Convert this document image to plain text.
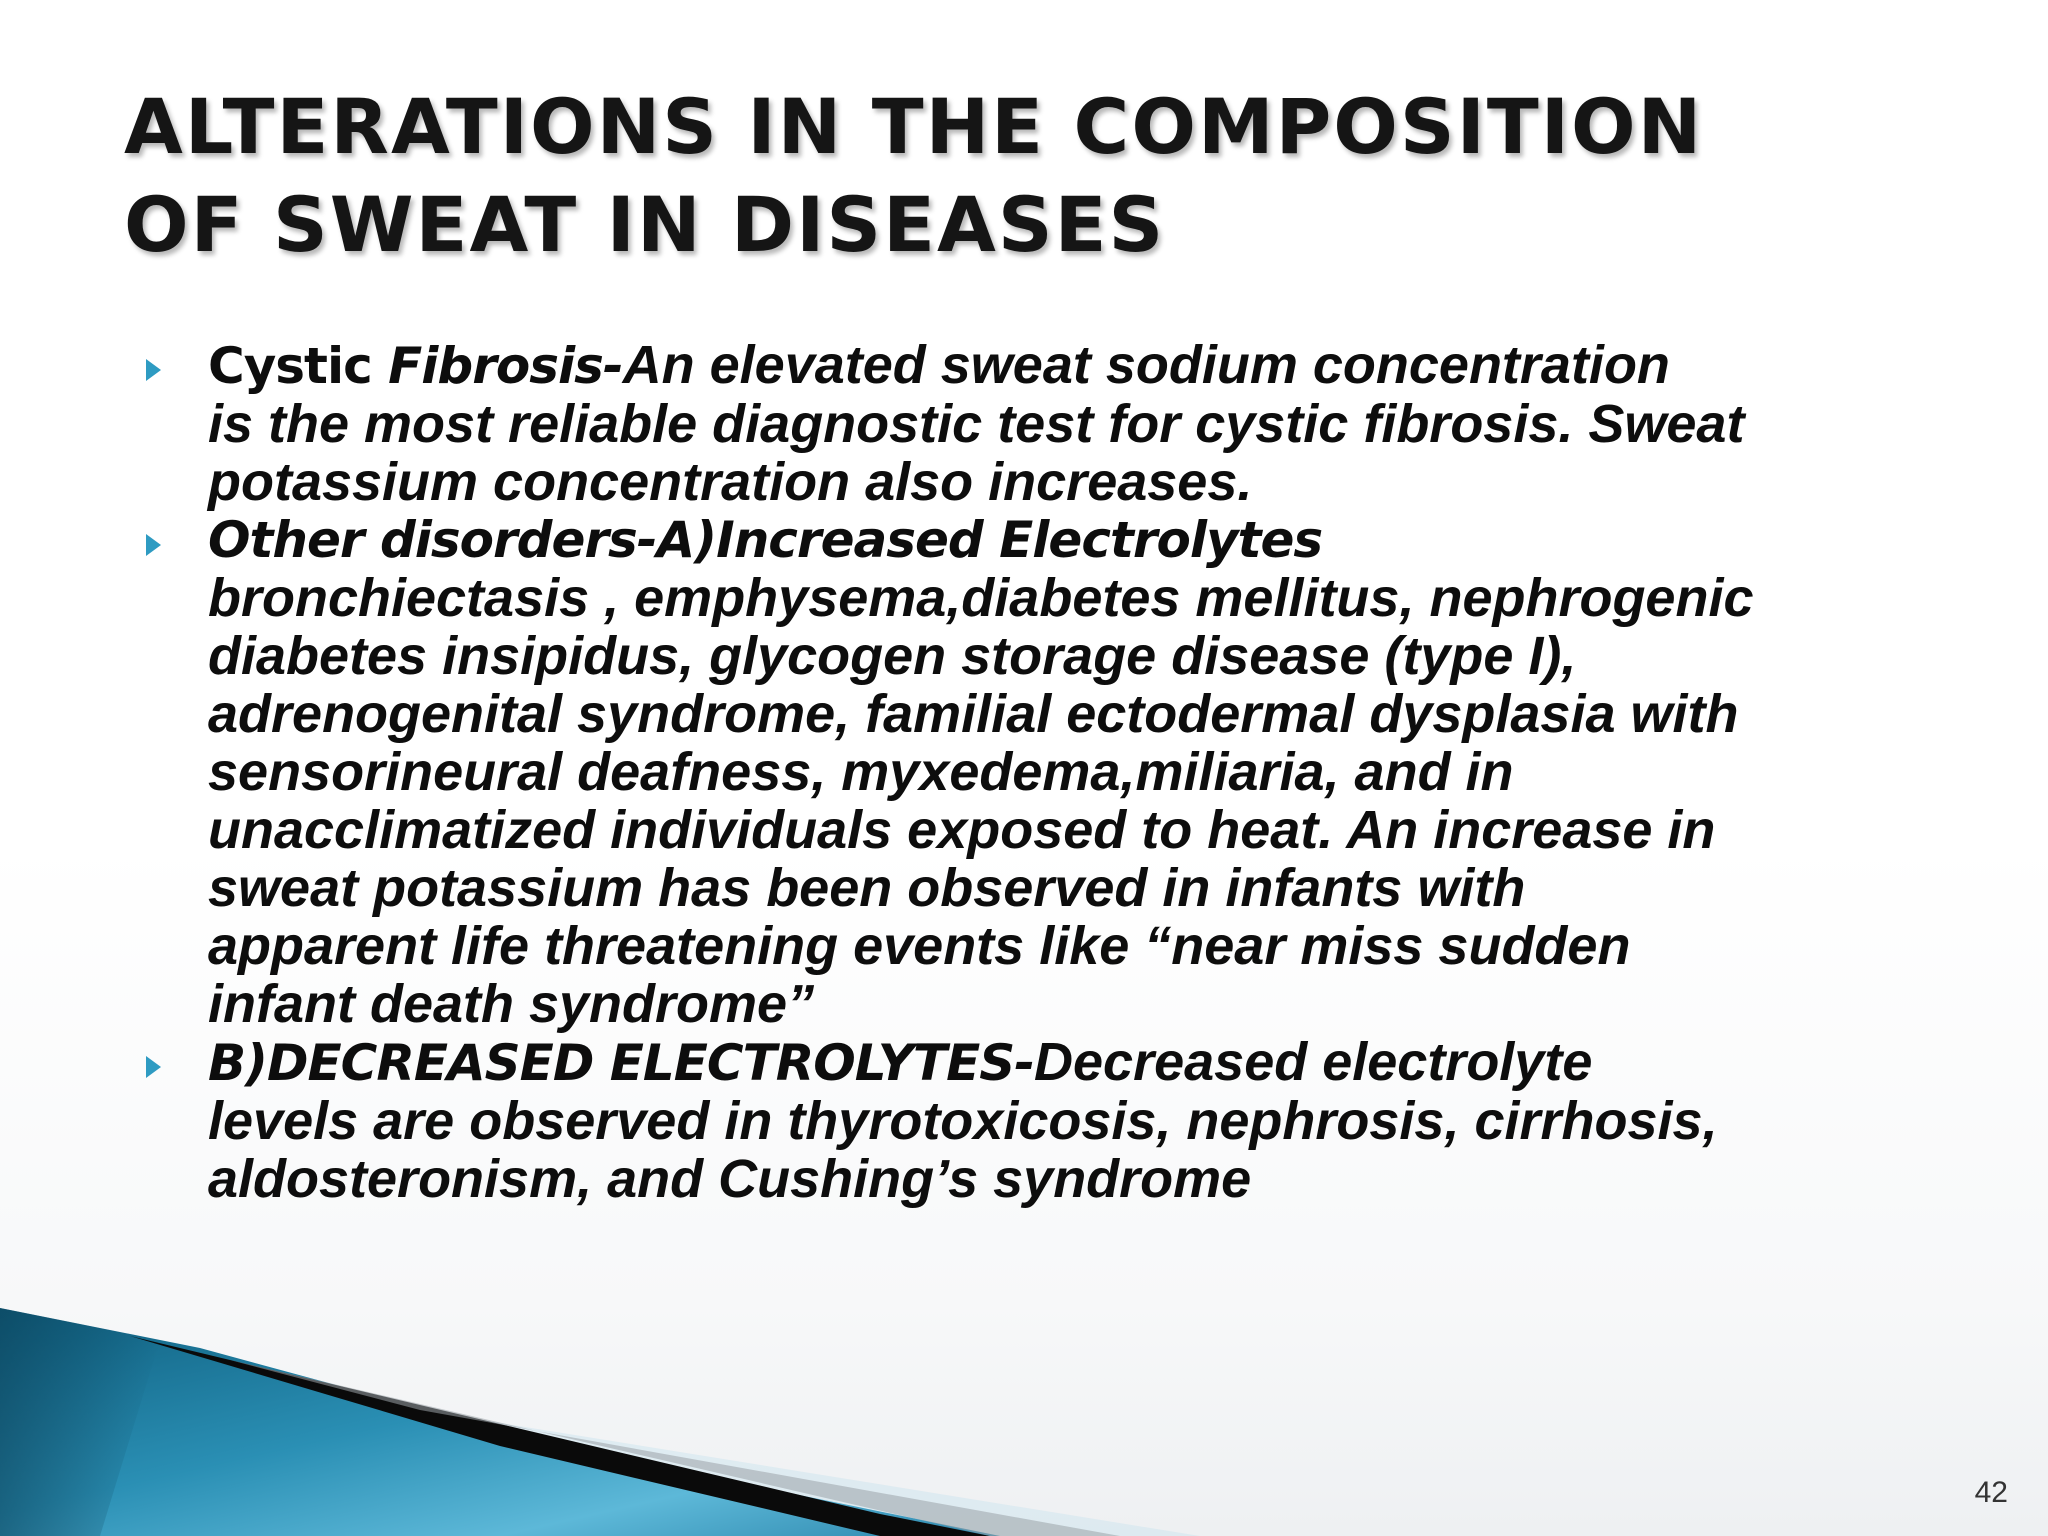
ALTERATIONS IN THE COMPOSITION
OF SWEAT IN DISEASES
Cystic Fibrosis-An elevated sweat sodium concentration
is the most reliable diagnostic test for cystic fibrosis. Sweat
potassium concentration also increases.
Other disorders-A)Increased Electrolytes
bronchiectasis , emphysema,diabetes mellitus, nephrogenic
diabetes insipidus, glycogen storage disease (type I),
adrenogenital syndrome, familial ectodermal dysplasia with
sensorineural deafness, myxedema,miliaria, and in
unacclimatized individuals exposed to heat. An increase in
sweat potassium has been observed in infants with
apparent life threatening events like “near miss sudden
infant death syndrome”
B)DECREASED ELECTROLYTES-Decreased electrolyte
levels are observed in thyrotoxicosis, nephrosis, cirrhosis,
aldosteronism, and Cushing’s syndrome
42
